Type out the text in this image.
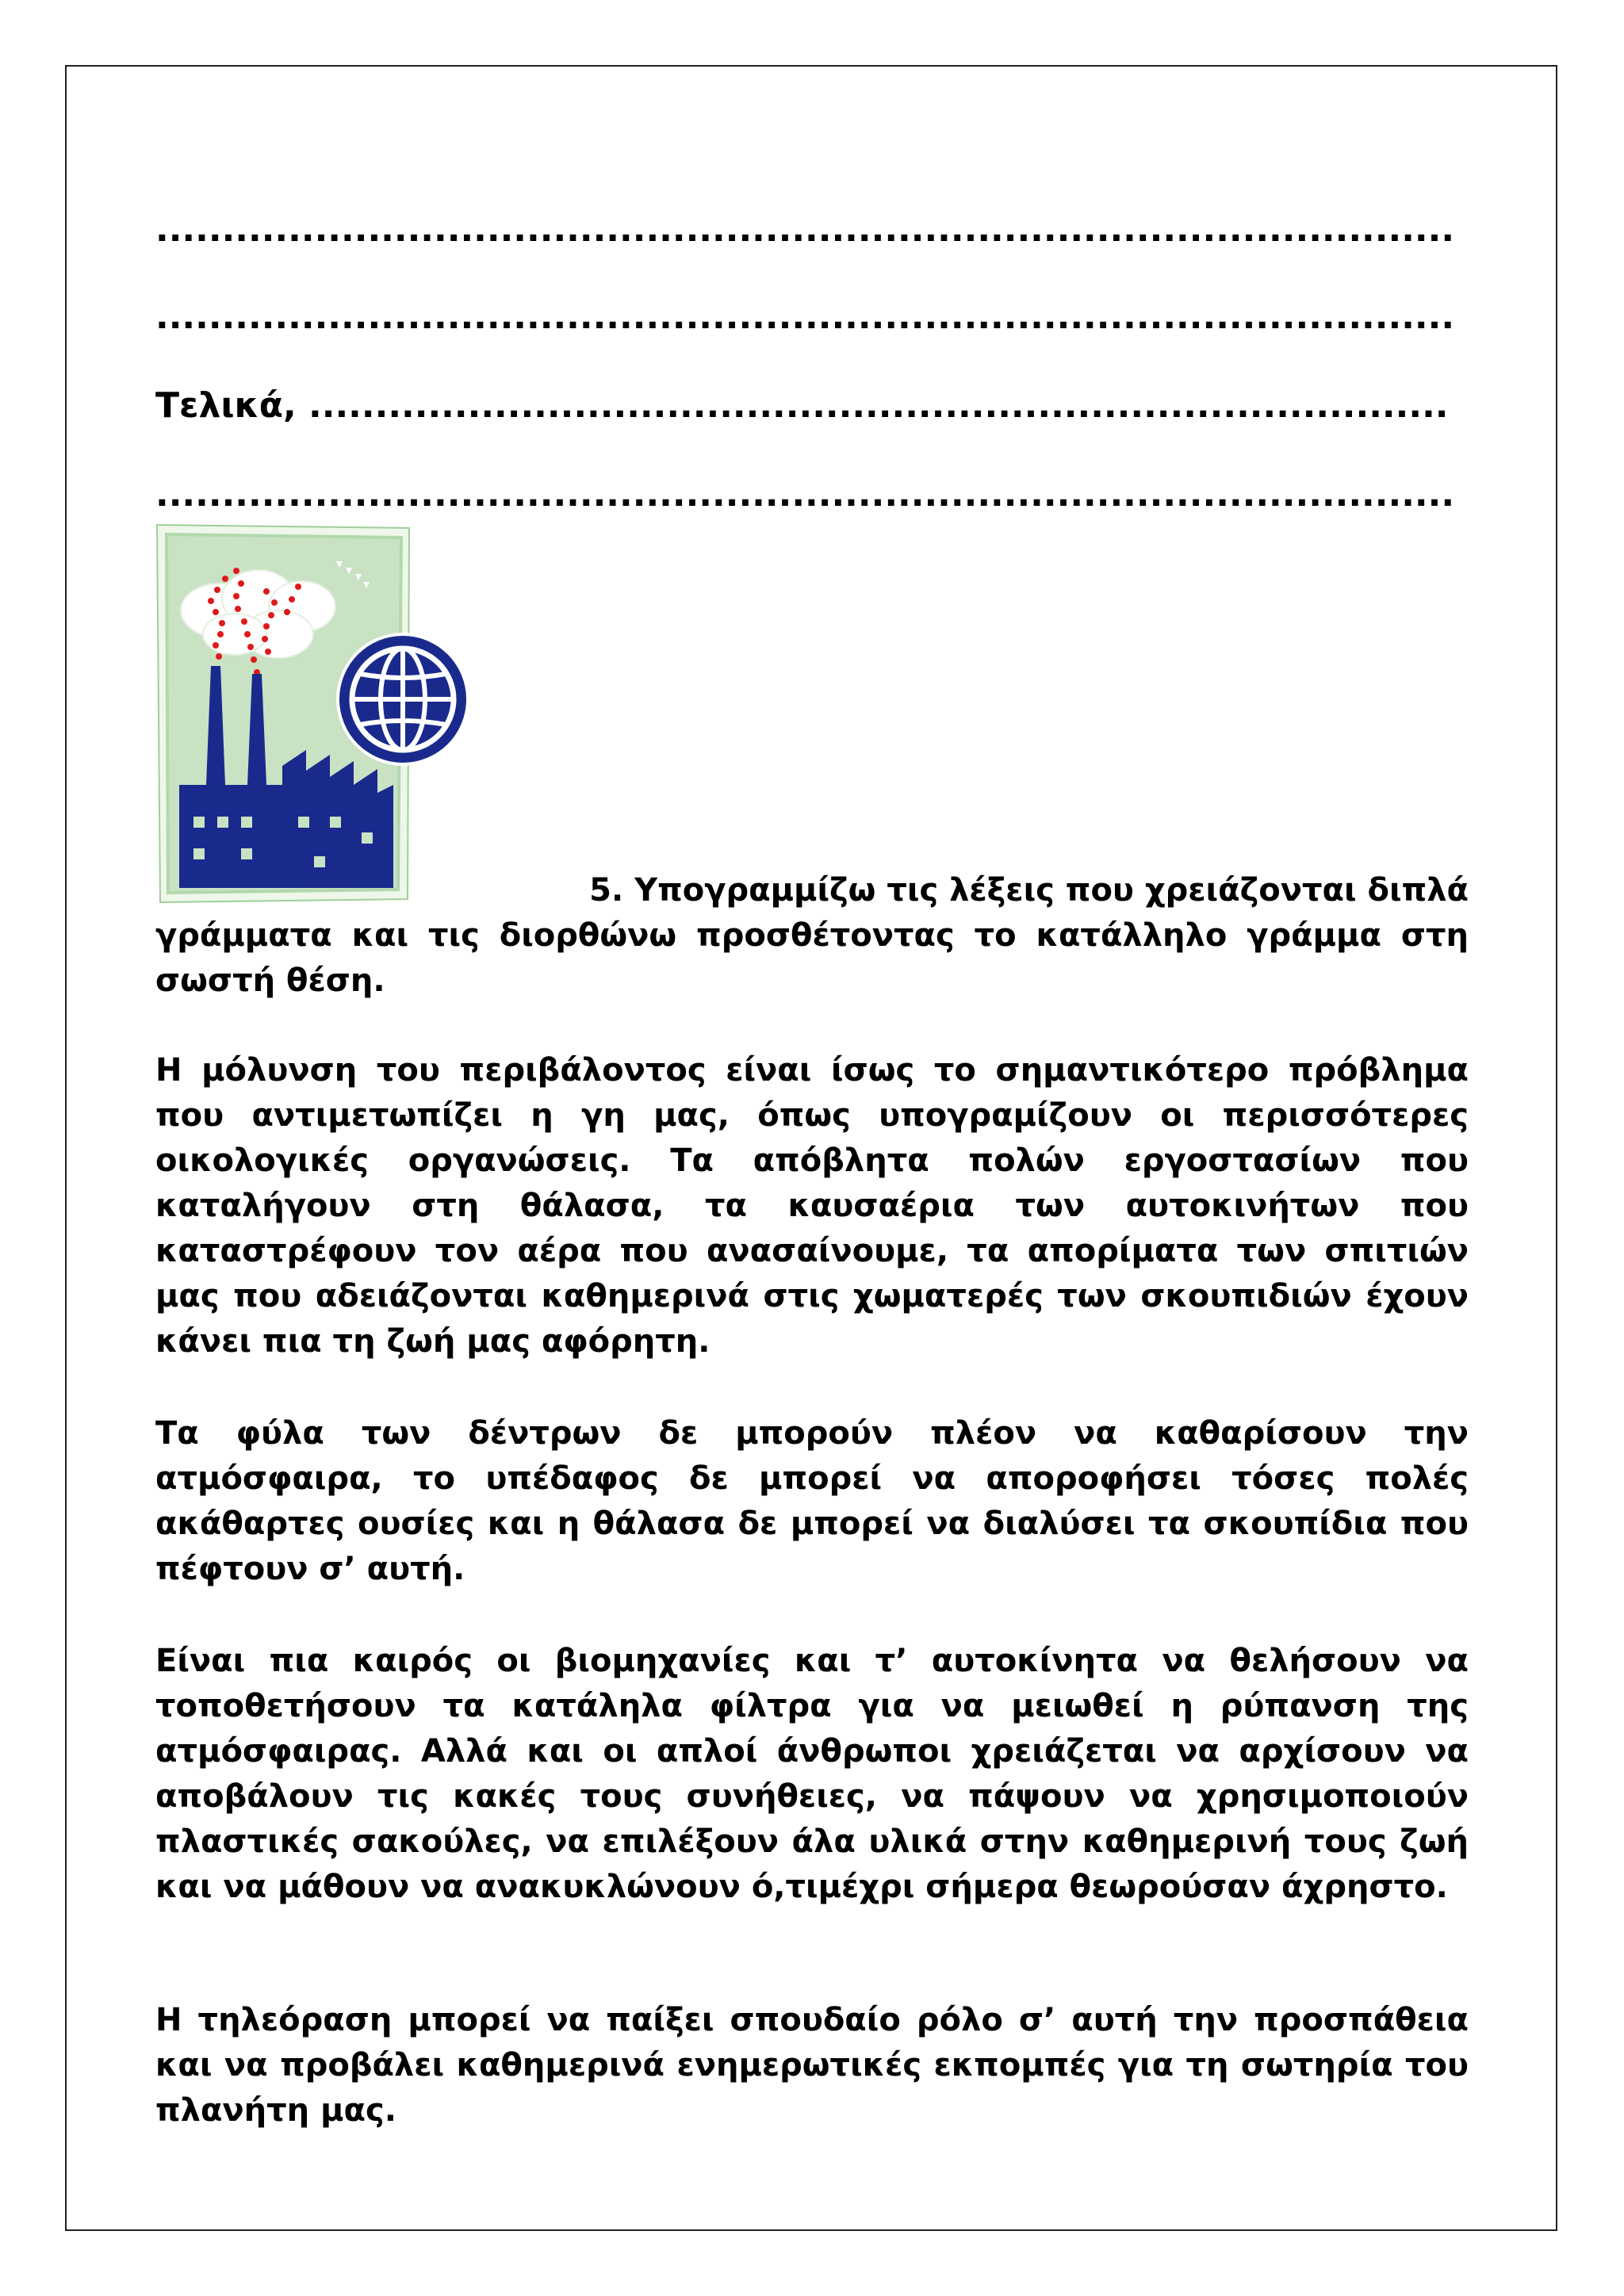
..................................................................................................
..................................................................................................
Τελικά, ......................................................................................
..................................................................................................
5. Υπογραμμίζω τις λέξεις που χρειάζονται διπλά
γράμματα και τις διορθώνω προσθέτοντας το κατάλληλο γράμμα στη σωστή θέση.
Η μόλυνση του περιβάλοντος είναι ίσως το σημαντικότερο πρόβλημα που αντιμετωπίζει η γη μας, όπως υπογραμίζουν οι περισσότερες οικολογικές οργανώσεις. Τα απόβλητα πολών εργοστασίων που καταλήγουν στη θάλασα, τα καυσαέρια των αυτοκινήτων που καταστρέφουν τον αέρα που ανασαίνουμε, τα απορίματα των σπιτιών μας που αδειάζονται καθημερινά στις χωματερές των σκουπιδιών έχουν κάνει πια τη ζωή μας αφόρητη.
Τα φύλα των δέντρων δε μπορούν πλέον να καθαρίσουν την ατμόσφαιρα, το υπέδαφος δε μπορεί να απορoφήσει τόσες πολές ακάθαρτες ουσίες και η θάλασα δε μπορεί να διαλύσει τα σκουπίδια που πέφτουν σ’ αυτή.
Είναι πια καιρός οι βιομηχανίες και τ’ αυτοκίνητα να θελήσουν να τοποθετήσουν τα κατάληλα φίλτρα για να μειωθεί η ρύπανση της ατμόσφαιρας. Αλλά και οι απλοί άνθρωποι χρειάζεται να αρχίσουν να αποβάλουν τις κακές τους συνήθειες, να πάψουν να χρησιμοποιούν πλαστικές σακούλες, να επιλέξουν άλα υλικά στην καθημερινή τους ζωή και να μάθουν να ανακυκλώνουν ό,τιμέχρι σήμερα θεωρούσαν άχρηστο.
Η τηλεόραση μπορεί να παίξει σπουδαίο ρόλο σ’ αυτή την προσπάθεια και να προβάλει καθημερινά ενημερωτικές εκπομπές για τη σωτηρία του πλανήτη μας.
